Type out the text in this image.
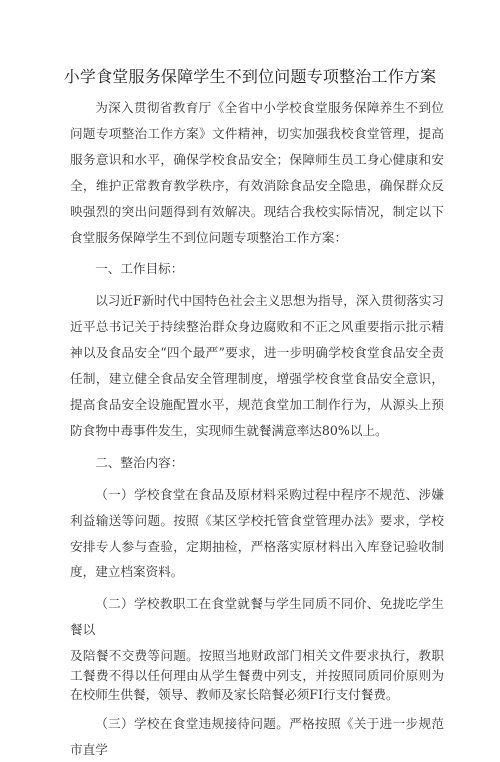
小学食堂服务保障学生不到位问题专项整治工作方案

为深入贯彻省教育厅《全省中小学校食堂服务保障养生不到位问题专项整治工作方案》文件精神，切实加强我校食堂管理，提高服务意识和水平，确保学校食品安全；保障师生员工身心健康和安全，维护正常教育教学秩序，有效消除食品安全隐患，确保群众反映强烈的突出问题得到有效解决。现结合我校实际情况，制定以下食堂服务保障学生不到位问题专项整治工作方案：

一、工作目标：

以习近F新时代中国特色社会主义思想为指导，深入贯彻落实习近平总书记关于持续整治群众身边腐败和不正之风重要指示批示精神以及食品安全“四个最严”要求，进一步明确学校食堂食品安全责任制，建立健全食品安全管理制度，增强学校食堂食品安全意识，提高食品安全设施配置水平，规范食堂加工制作行为，从源头上预防食物中毒事件发生，实现师生就餐满意率达80%以上。

二、整治内容：

（一）学校食堂在食品及原材料采购过程中程序不规范、涉嫌利益输送等问题。按照《某区学校托管食堂管理办法》要求，学校安排专人参与查验，定期抽检，严格落实原材料出入库登记验收制度，建立档案资料。

（二）学校教职工在食堂就餐与学生同质不同价、免拢吃学生餐以

及陪餐不交费等问题。按照当地财政部门相关文件要求执行，教职工餐费不得以任何理由从学生餐费中列支，并按照同质同价原则为在校师生供餐，领导、教师及家长陪餐必须FI行支付餐费。

（三）学校在食堂违规接待问题。严格按照《关于进一步规范市直学
